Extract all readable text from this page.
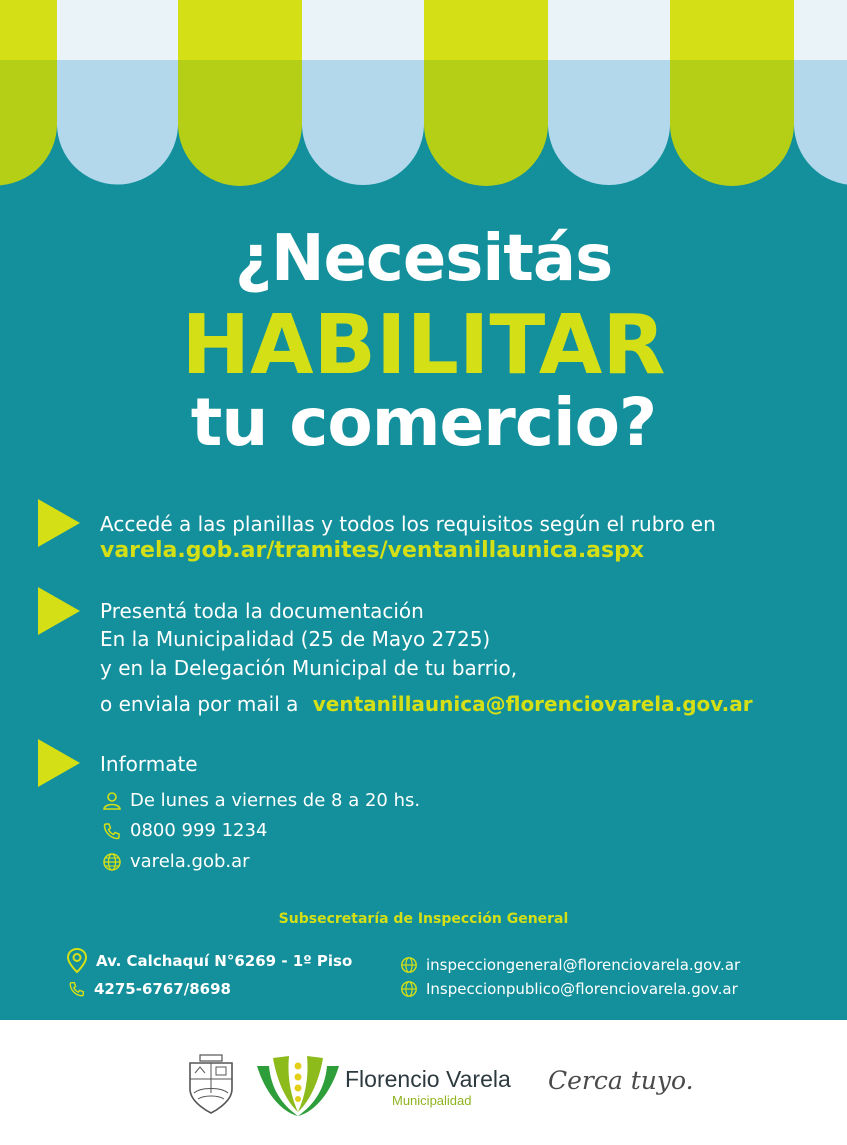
¿Necesitás
HABILITAR
tu comercio?
Accedé a las planillas y todos los requisitos según el rubro en
varela.gob.ar/tramites/ventanillaunica.aspx
Presentá toda la documentación
En la Municipalidad (25 de Mayo 2725)
y en la Delegación Municipal de tu barrio,
o enviala por mail a ventanillaunica@florenciovarela.gov.ar
Informate
De lunes a viernes de 8 a 20 hs.
0800 999 1234
varela.gob.ar
Subsecretaría de Inspección General
Av. Calchaquí N°6269 - 1º Piso
4275-6767/8698
inspecciongeneral@florenciovarela.gov.ar
Inspeccionpublico@florenciovarela.gov.ar
Florencio Varela
Municipalidad
Cerca tuyo.
